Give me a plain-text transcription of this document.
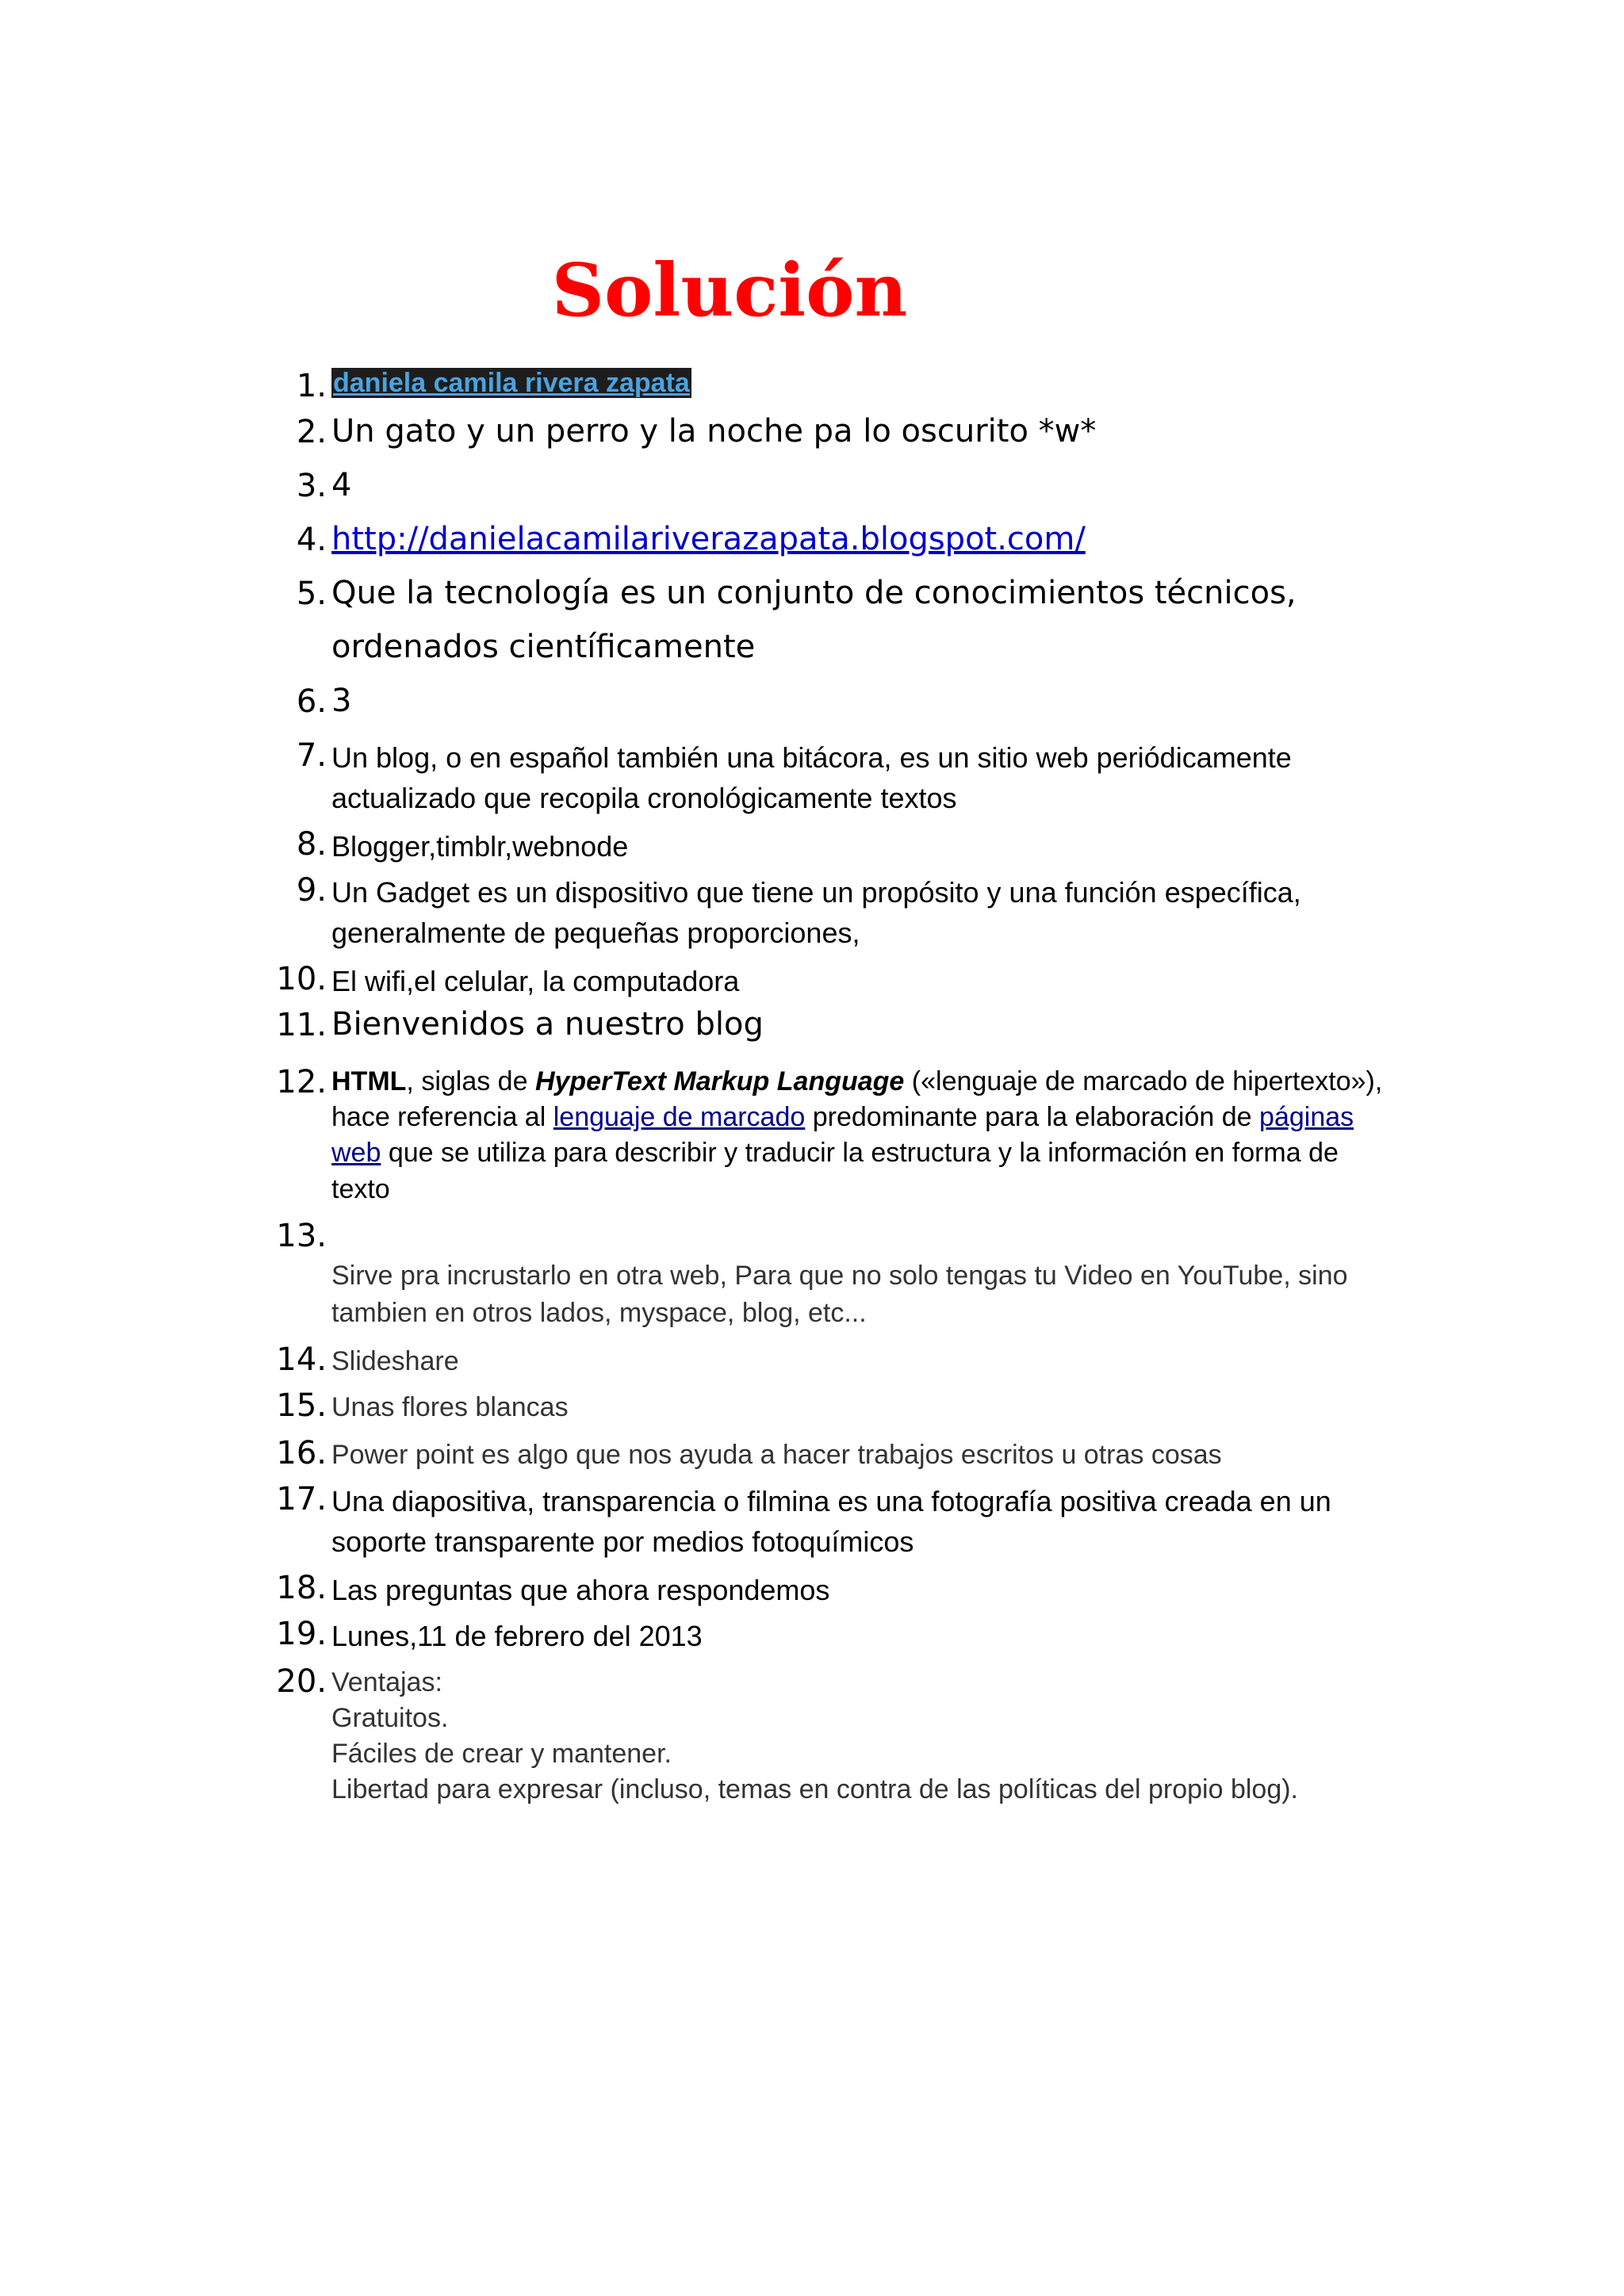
Solución
1. daniela camila rivera zapata
2. Un gato y un perro y la noche pa lo oscurito *w*
3. 4
4. http://danielacamilariverazapata.blogspot.com/
5. Que la tecnología es un conjunto de conocimientos técnicos, ordenados científicamente
6. 3
7. Un blog, o en español también una bitácora, es un sitio web periódicamente actualizado que recopila cronológicamente textos
8. Blogger,timblr,webnode
9. Un Gadget es un dispositivo que tiene un propósito y una función específica, generalmente de pequeñas proporciones,
10. El wifi,el celular, la computadora
11. Bienvenidos a nuestro blog
12. HTML, siglas de HyperText Markup Language («lenguaje de marcado de hipertexto»), hace referencia al lenguaje de marcado predominante para la elaboración de páginas web que se utiliza para describir y traducir la estructura y la información en forma de texto
13.
Sirve pra incrustarlo en otra web, Para que no solo tengas tu Video en YouTube, sino tambien en otros lados, myspace, blog, etc...
14. Slideshare
15. Unas flores blancas
16. Power point es algo que nos ayuda a hacer trabajos escritos u otras cosas
17. Una diapositiva, transparencia o filmina es una fotografía positiva creada en un soporte transparente por medios fotoquímicos
18. Las preguntas que ahora respondemos
19. Lunes,11 de febrero del 2013
20. Ventajas:
Gratuitos.
Fáciles de crear y mantener.
Libertad para expresar (incluso, temas en contra de las políticas del propio blog).
